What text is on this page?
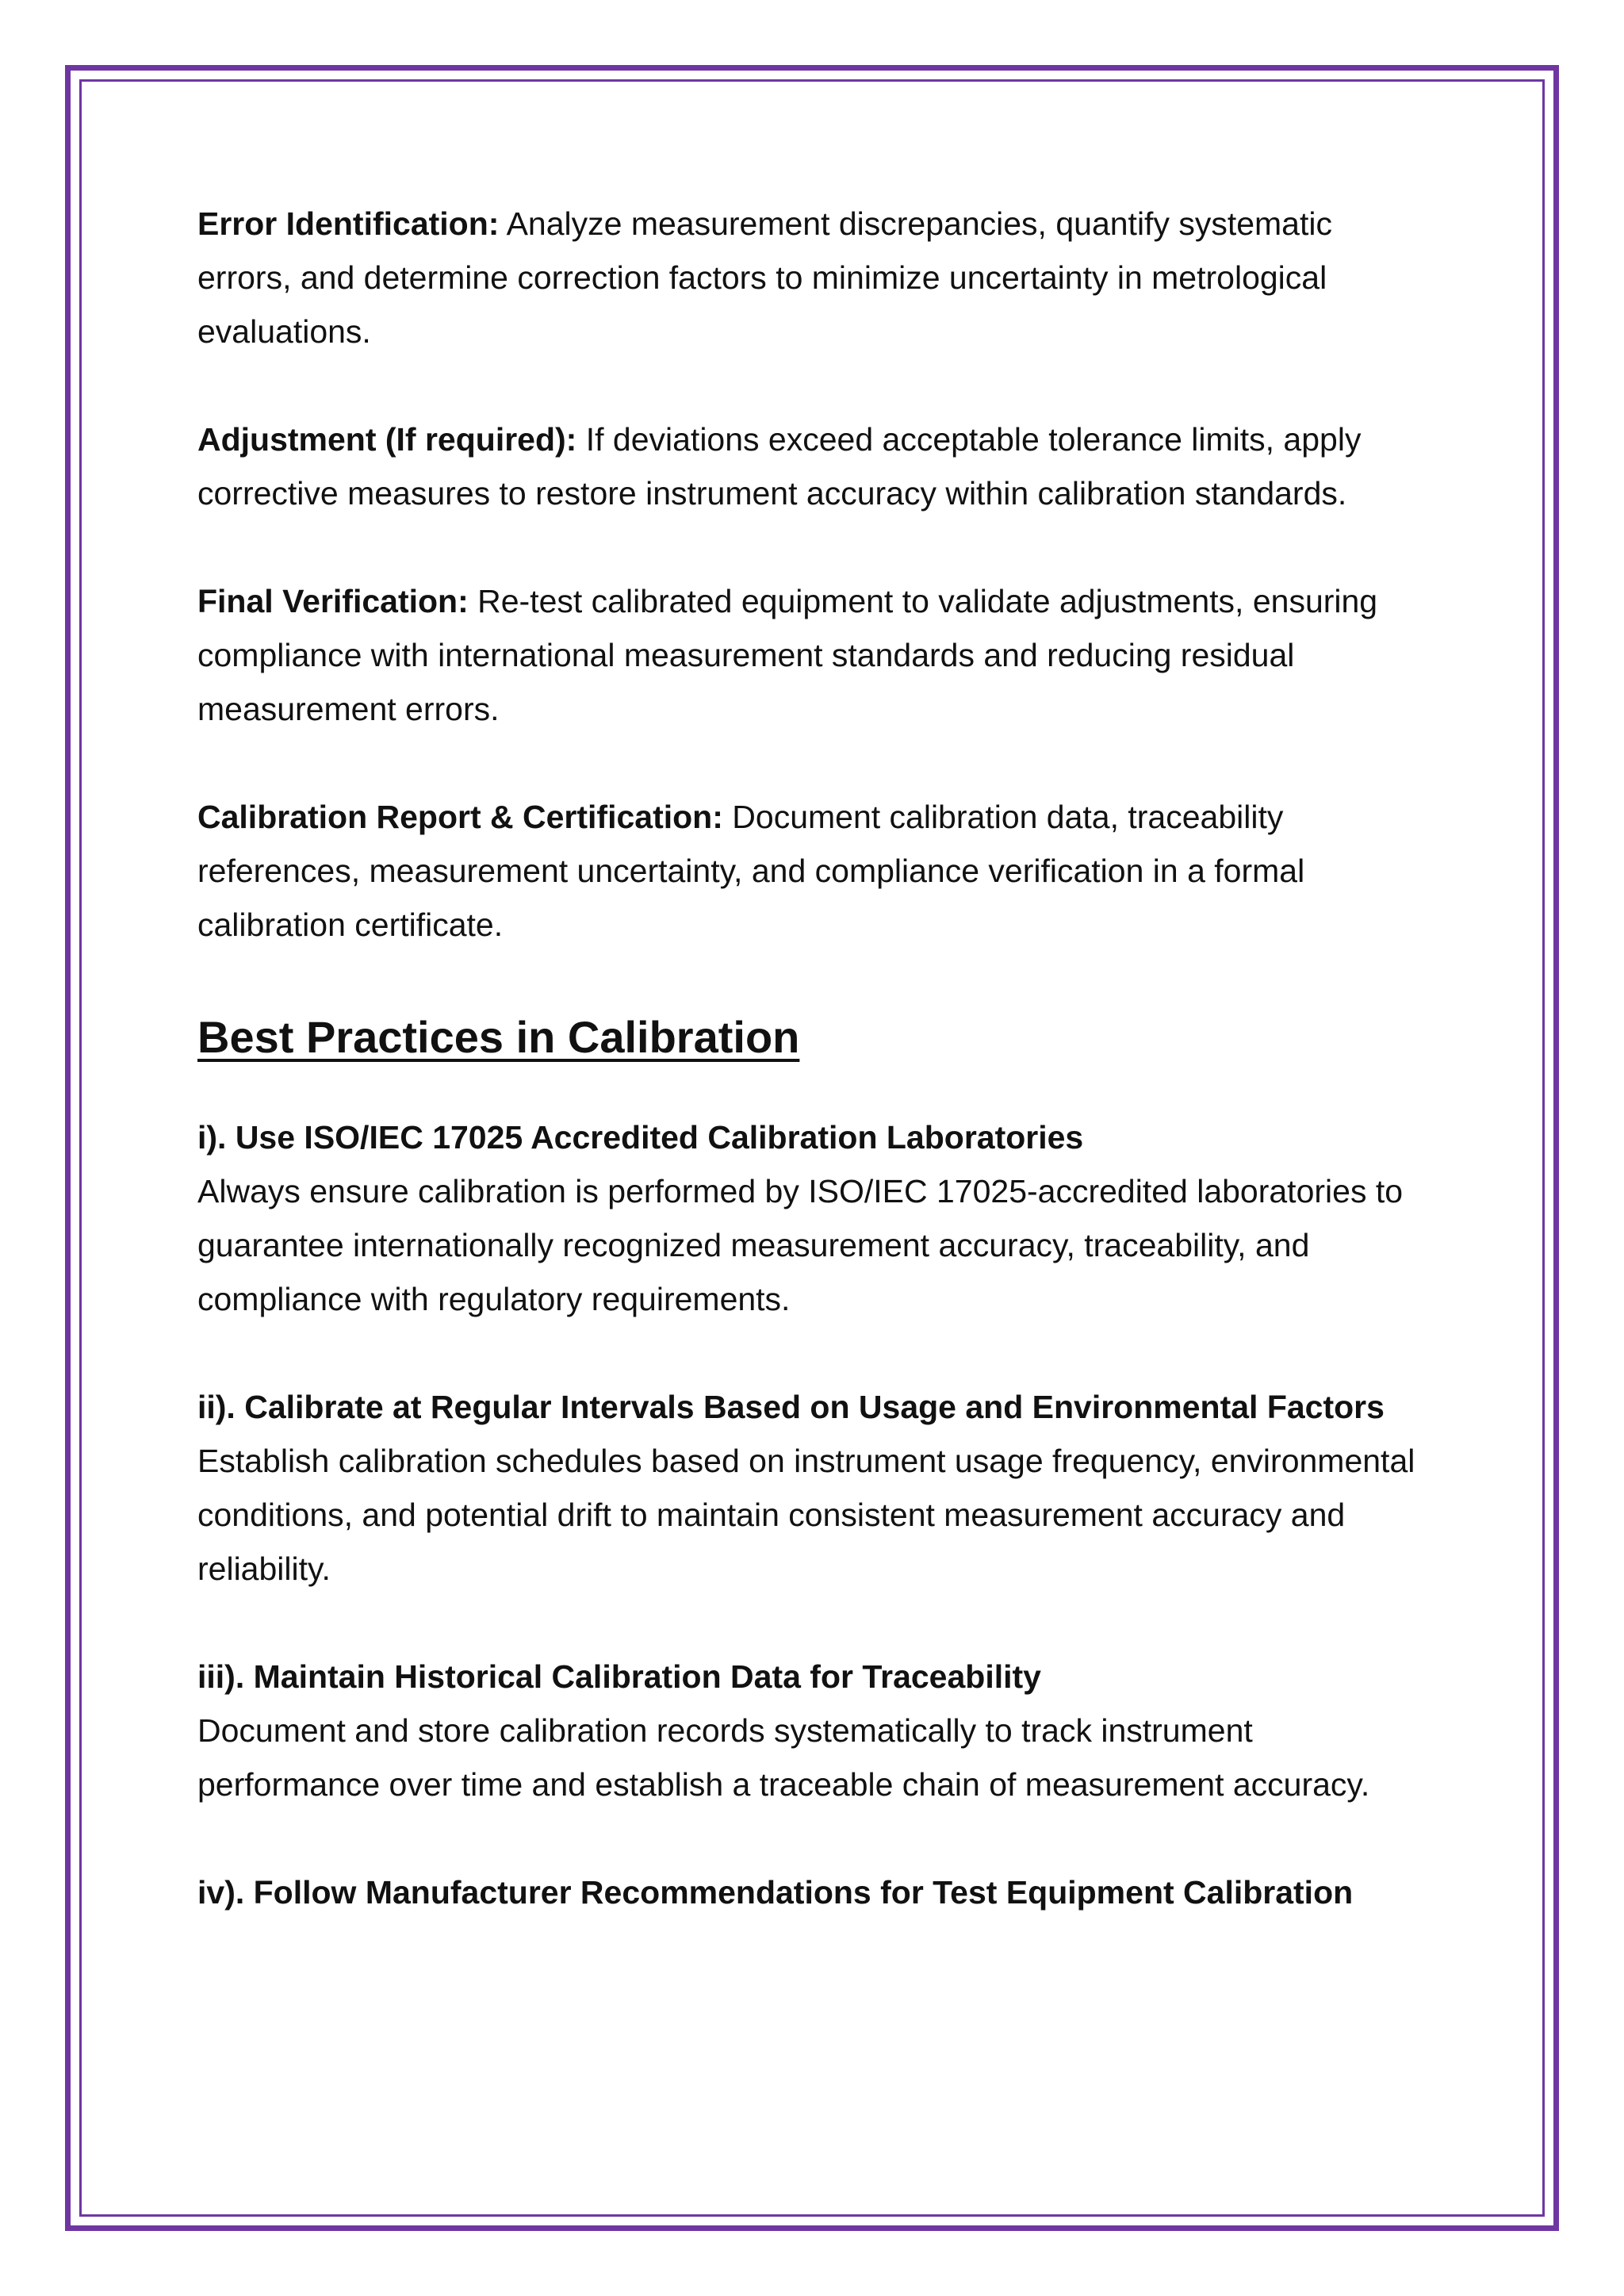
Error Identification: Analyze measurement discrepancies, quantify systematic errors, and determine correction factors to minimize uncertainty in metrological evaluations.

Adjustment (If required): If deviations exceed acceptable tolerance limits, apply corrective measures to restore instrument accuracy within calibration standards.

Final Verification: Re-test calibrated equipment to validate adjustments, ensuring compliance with international measurement standards and reducing residual measurement errors.

Calibration Report & Certification: Document calibration data, traceability references, measurement uncertainty, and compliance verification in a formal calibration certificate.

Best Practices in Calibration

i). Use ISO/IEC 17025 Accredited Calibration Laboratories
Always ensure calibration is performed by ISO/IEC 17025-accredited laboratories to guarantee internationally recognized measurement accuracy, traceability, and compliance with regulatory requirements.

ii). Calibrate at Regular Intervals Based on Usage and Environmental Factors
Establish calibration schedules based on instrument usage frequency, environmental conditions, and potential drift to maintain consistent measurement accuracy and reliability.

iii). Maintain Historical Calibration Data for Traceability
Document and store calibration records systematically to track instrument performance over time and establish a traceable chain of measurement accuracy.

iv). Follow Manufacturer Recommendations for Test Equipment Calibration
